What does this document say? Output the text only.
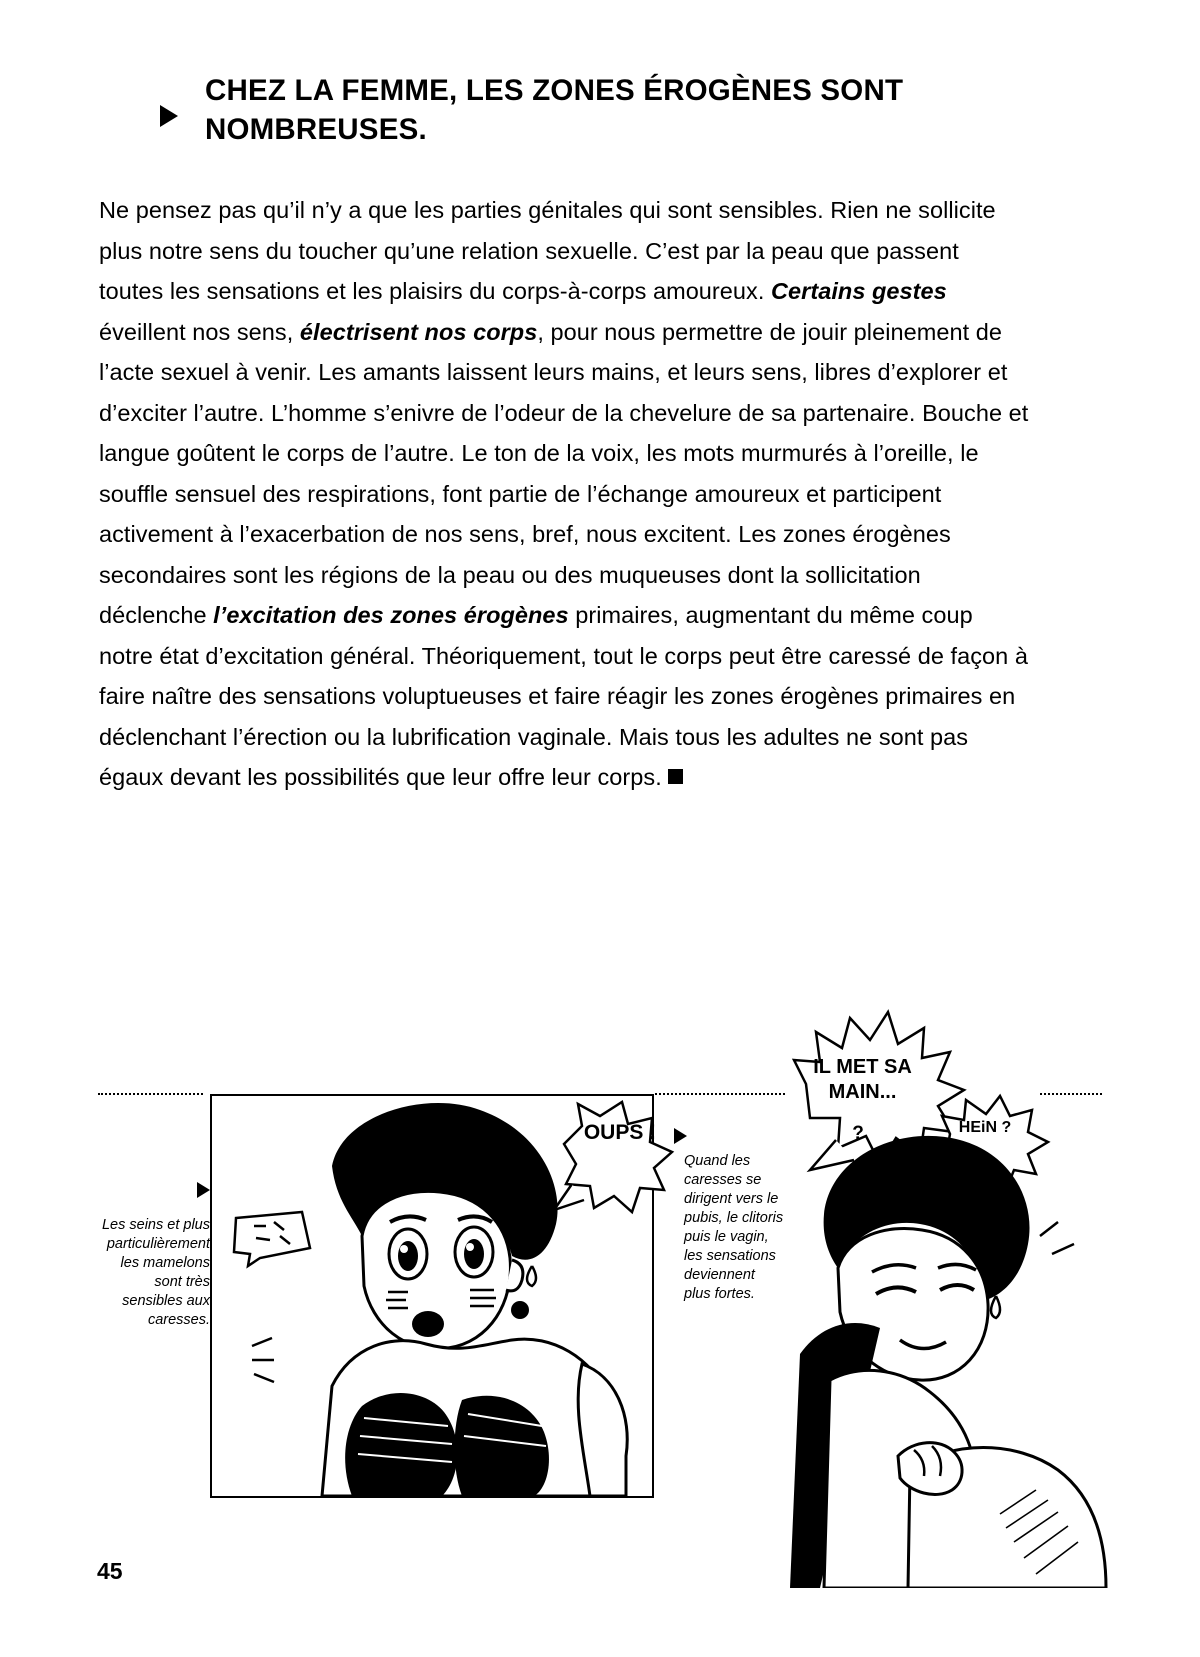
CHEZ LA FEMME, LES ZONES ÉROGÈNES SONT NOMBREUSES.
Ne pensez pas qu’il n’y a que les parties génitales qui sont sensibles. Rien ne sollicite plus notre sens du toucher qu’une relation sexuelle. C’est par la peau que passent toutes les sensations et les plaisirs du corps-à-corps amoureux. Certains gestes éveillent nos sens, électrisent nos corps, pour nous permettre de jouir pleinement de l’acte sexuel à venir. Les amants laissent leurs mains, et leurs sens, libres d’explorer et d’exciter l’autre. L’homme s’enivre de l’odeur de la chevelure de sa partenaire. Bouche et langue goûtent le corps de l’autre. Le ton de la voix, les mots murmurés à l’oreille, le souffle sensuel des respirations, font partie de l’échange amoureux et participent activement à l’exacerbation de nos sens, bref, nous excitent. Les zones érogènes secondaires sont les régions de la peau ou des muqueuses dont la sollicitation déclenche l’excitation des zones érogènes primaires, augmentant du même coup notre état d’excitation général. Théoriquement, tout le corps peut être caressé de façon à faire naître des sensations voluptueuses et faire réagir les zones érogènes primaires en déclenchant l’érection ou la lubrification vaginale. Mais tous les adultes ne sont pas égaux devant les possibilités que leur offre leur corps.
Les seins et plus particulièrement les mamelons sont très sensibles aux caresses.
Quand les caresses se dirigent vers le pubis, le clitoris puis le vagin, les sensations deviennent plus fortes.
OUPS !
IL MET SA MAIN...
?	HEiN ?
45
